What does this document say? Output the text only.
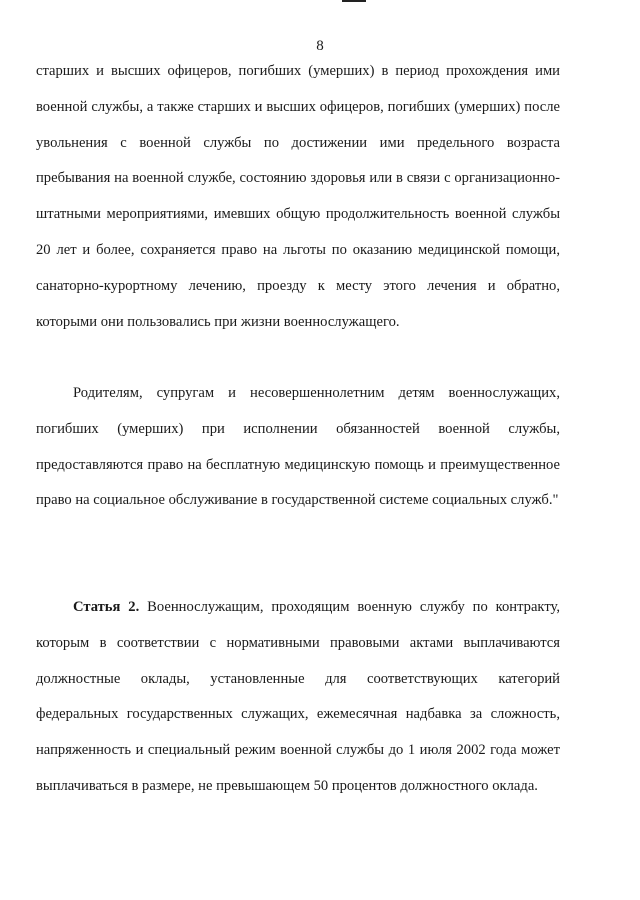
8

старших и высших офицеров, погибших (умерших) в период прохождения ими военной службы, а также старших и высших офицеров, погибших (умерших) после увольнения с военной службы по достижении ими предельного возраста пребывания на военной службе, состоянию здоровья или в связи с организационно-штатными мероприятиями, имевших общую продолжительность военной службы 20 лет и более, сохраняется право на льготы по оказанию медицинской помощи, санаторно-курортному лечению, проезду к месту этого лечения и обратно, которыми они пользовались при жизни военнослужащего.

Родителям, супругам и несовершеннолетним детям военнослужащих, погибших (умерших) при исполнении обязанностей военной службы, предоставляются право на бесплатную медицинскую помощь и преимущественное право на социальное обслуживание в государственной системе социальных служб."

Статья 2. Военнослужащим, проходящим военную службу по контракту, которым в соответствии с нормативными правовыми актами выплачиваются должностные оклады, установленные для соответствующих категорий федеральных государственных служащих, ежемесячная надбавка за сложность, напряженность и специальный режим военной службы до 1 июля 2002 года может выплачиваться в размере, не превышающем 50 процентов должностного оклада.
